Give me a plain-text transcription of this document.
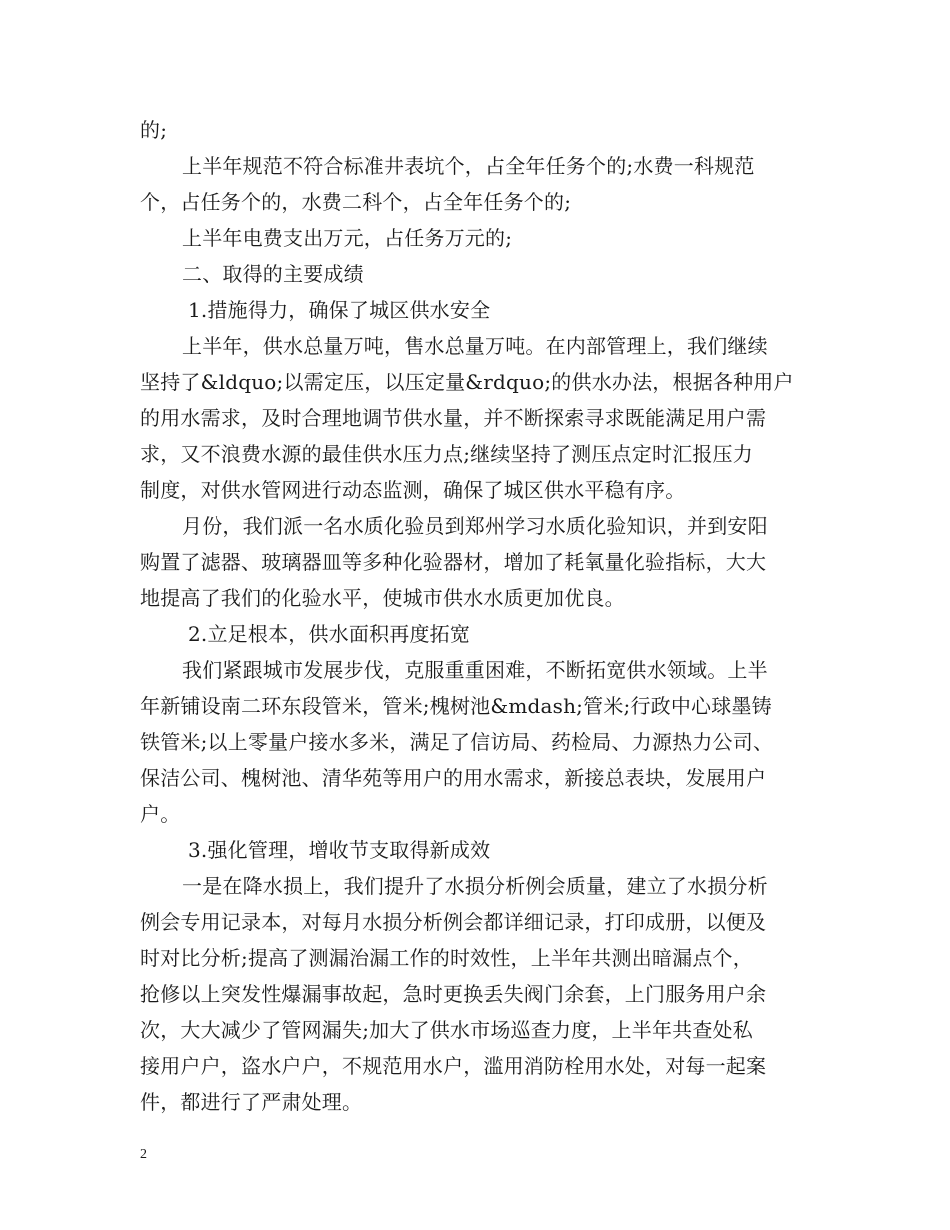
的;
上半年规范不符合标准井表坑个，占全年任务个的;水费一科规范
个，占任务个的，水费二科个，占全年任务个的;
上半年电费支出万元，占任务万元的;
二、取得的主要成绩
1.措施得力，确保了城区供水安全
上半年，供水总量万吨，售水总量万吨。在内部管理上，我们继续
坚持了&ldquo;以需定压，以压定量&rdquo;的供水办法，根据各种用户
的用水需求，及时合理地调节供水量，并不断探索寻求既能满足用户需
求，又不浪费水源的最佳供水压力点;继续坚持了测压点定时汇报压力
制度，对供水管网进行动态监测，确保了城区供水平稳有序。
月份，我们派一名水质化验员到郑州学习水质化验知识，并到安阳
购置了滤器、玻璃器皿等多种化验器材，增加了耗氧量化验指标，大大
地提高了我们的化验水平，使城市供水水质更加优良。
2.立足根本，供水面积再度拓宽
我们紧跟城市发展步伐，克服重重困难，不断拓宽供水领域。上半
年新铺设南二环东段管米，管米;槐树池&mdash;管米;行政中心球墨铸
铁管米;以上零量户接水多米，满足了信访局、药检局、力源热力公司、
保洁公司、槐树池、清华苑等用户的用水需求，新接总表块，发展用户
户。
3.强化管理，增收节支取得新成效
一是在降水损上，我们提升了水损分析例会质量，建立了水损分析
例会专用记录本，对每月水损分析例会都详细记录，打印成册，以便及
时对比分析;提高了测漏治漏工作的时效性，上半年共测出暗漏点个，
抢修以上突发性爆漏事故起，急时更换丢失阀门余套，上门服务用户余
次，大大减少了管网漏失;加大了供水市场巡查力度，上半年共查处私
接用户户，盗水户户，不规范用水户，滥用消防栓用水处，对每一起案
件，都进行了严肃处理。
2
